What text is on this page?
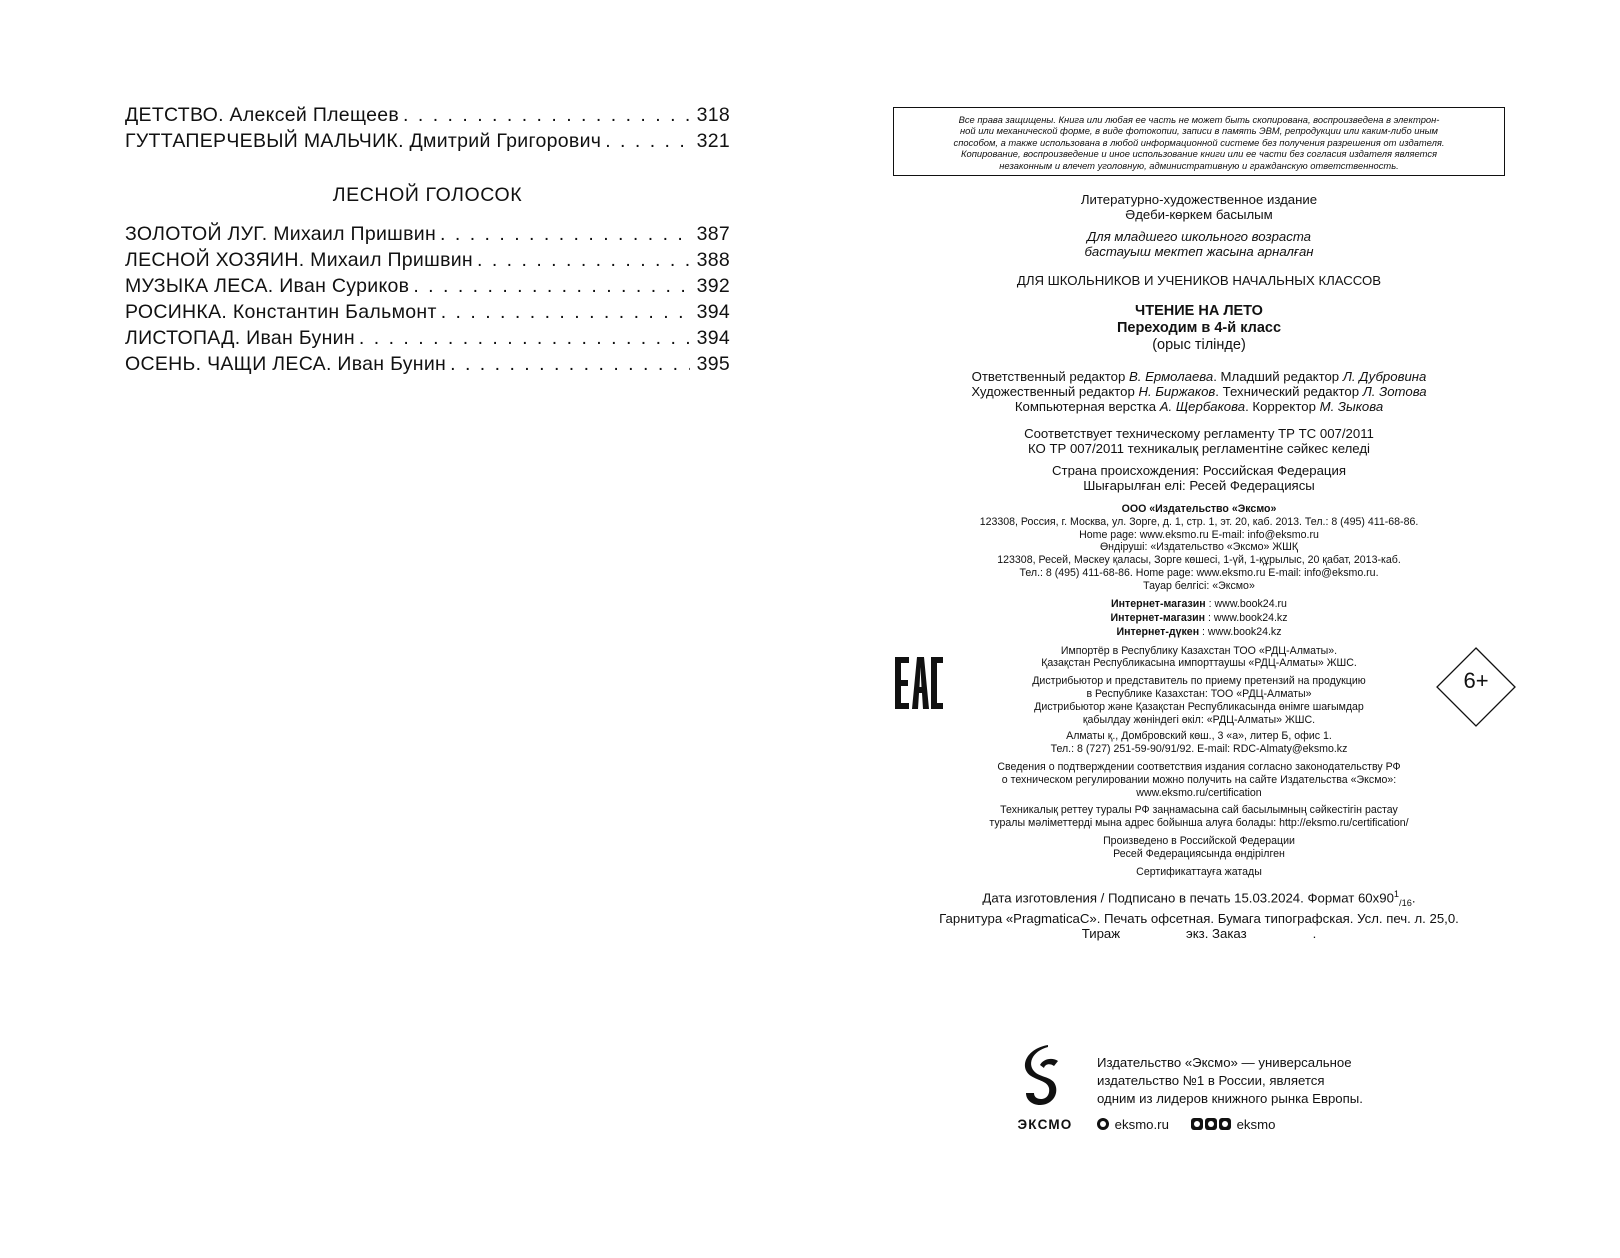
ДЕТСТВО. Алексей Плещеев . . .	318
ГУТТАПЕРЧЕВЫЙ МАЛЬЧИК. Дмитрий Григорович . . .	321
ЛЕСНОЙ ГОЛОСОК
ЗОЛОТОЙ ЛУГ. Михаил Пришвин . . .	387
ЛЕСНОЙ ХОЗЯИН. Михаил Пришвин . . .	388
МУЗЫКА ЛЕСА. Иван Суриков . . .	392
РОСИНКА. Константин Бальмонт . . .	394
ЛИСТОПАД. Иван Бунин . . .	394
ОСЕНЬ. ЧАЩИ ЛЕСА. Иван Бунин . . .	395
Все права защищены. Книга или любая ее часть не может быть скопирована, воспроизведена в электрон-
ной или механической форме, в виде фотокопии, записи в память ЭВМ, репродукции или каким-либо иным
способом, а также использована в любой информационной системе без получения разрешения от издателя.
Копирование, воспроизведение и иное использование книги или ее части без согласия издателя является
незаконным и влечет уголовную, административную и гражданскую ответственность.
Литературно-художественное издание
Әдеби-көркем басылым
Для младшего школьного возраста
бастауыш мектеп жасына арналған
ДЛЯ ШКОЛЬНИКОВ И УЧЕНИКОВ НАЧАЛЬНЫХ КЛАССОВ
ЧТЕНИЕ НА ЛЕТО
Переходим в 4-й класс
(орыс тілінде)
Ответственный редактор В. Ермолаева. Младший редактор Л. Дубровина
Художественный редактор Н. Биржаков. Технический редактор Л. Зотова
Компьютерная верстка А. Щербакова. Корректор М. Зыкова
Соответствует техническому регламенту ТР ТС 007/2011
КО ТР 007/2011 техникалық регламентіне сәйкес келеді
Страна происхождения: Российская Федерация
Шығарылған елі: Ресей Федерациясы
ООО «Издательство «Эксмо»
123308, Россия, г. Москва, ул. Зорге, д. 1, стр. 1, эт. 20, каб. 2013. Тел.: 8 (495) 411-68-86.
Home page: www.eksmo.ru E-mail: info@eksmo.ru
Өндіруші: «Издательство «Эксмо» ЖШҚ
123308, Ресей, Мәскеу қаласы, Зорге көшесі, 1-үй, 1-құрылыс, 20 қабат, 2013-каб.
Тел.: 8 (495) 411-68-86. Home page: www.eksmo.ru E-mail: info@eksmo.ru.
Тауар белгісі: «Эксмо»
Интернет-магазин : www.book24.ru
Интернет-магазин : www.book24.kz
Интернет-дүкен : www.book24.kz
Импортёр в Республику Казахстан ТОО «РДЦ-Алматы».
Қазақстан Республикасына импорттаушы «РДЦ-Алматы» ЖШС.
Дистрибьютор и представитель по приему претензий на продукцию
в Республике Казахстан: ТОО «РДЦ-Алматы»
Дистрибьютор және Қазақстан Республикасында өнімге шағымдар
қабылдау жөніндегі өкіл: «РДЦ-Алматы» ЖШС.
Алматы қ., Домбровский көш., 3 «а», литер Б, офис 1.
Тел.: 8 (727) 251-59-90/91/92. E-mail: RDC-Almaty@eksmo.kz
Сведения о подтверждении соответствия издания согласно законодательству РФ
о техническом регулировании можно получить на сайте Издательства «Эксмо»:
www.eksmo.ru/certification
Техникалық реттеу туралы РФ заңнамасына сай басылымның сәйкестігін растау
туралы мәліметтерді мына адрес бойынша алуға болады: http://eksmo.ru/certification/
Произведено в Российской Федерации
Ресей Федерациясында өндірілген
Сертификаттауға жатады
Дата изготовления / Подписано в печать 15.03.2024. Формат $60х90^1_{/16}$.
Гарнитура «PragmaticaC». Печать офсетная. Бумага типографская. Усл. печ. л. 25,0.
Тираж                  экз. Заказ                  .
6+
ЭКСМО
Издательство «Эксмо» — универсальное
издательство №1 в России, является
одним из лидеров книжного рынка Европы.
eksmo.ru	eksmo
